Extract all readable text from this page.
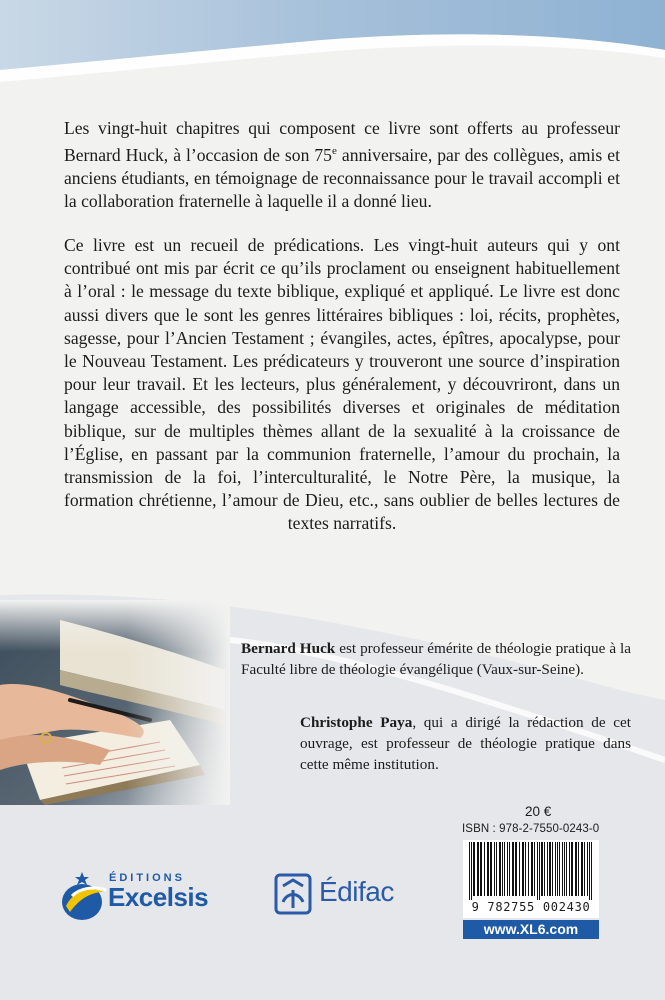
Les vingt-huit chapitres qui composent ce livre sont offerts au professeur Bernard Huck, à l’occasion de son 75e anniversaire, par des collègues, amis et anciens étudiants, en témoignage de reconnaissance pour le travail accompli et la collaboration fraternelle à laquelle il a donné lieu.

Ce livre est un recueil de prédications. Les vingt-huit auteurs qui y ont contribué ont mis par écrit ce qu’ils proclament ou enseignent habituellement à l’oral : le message du texte biblique, expliqué et appliqué. Le livre est donc aussi divers que le sont les genres littéraires bibliques : loi, récits, prophètes, sagesse, pour l’Ancien Testament ; évangiles, actes, épîtres, apocalypse, pour le Nouveau Testament. Les prédicateurs y trouveront une source d’inspiration pour leur travail. Et les lecteurs, plus généralement, y découvriront, dans un langage accessible, des possibilités diverses et originales de méditation biblique, sur de multiples thèmes allant de la sexualité à la croissance de l’Église, en passant par la communion fraternelle, l’amour du prochain, la transmission de la foi, l’interculturalité, le Notre Père, la musique, la formation chrétienne, l’amour de Dieu, etc., sans oublier de belles lectures de textes narratifs.

Bernard Huck est professeur émérite de théologie pratique à la Faculté libre de théologie évangélique (Vaux-sur-Seine).

Christophe Paya, qui a dirigé la rédaction de cet ouvrage, est professeur de théologie pratique dans cette même institution.

20 €
ISBN : 978-2-7550-0243-0
9 782755 002430
www.XL6.com
ÉDITIONS
Excelsis	Édifac
